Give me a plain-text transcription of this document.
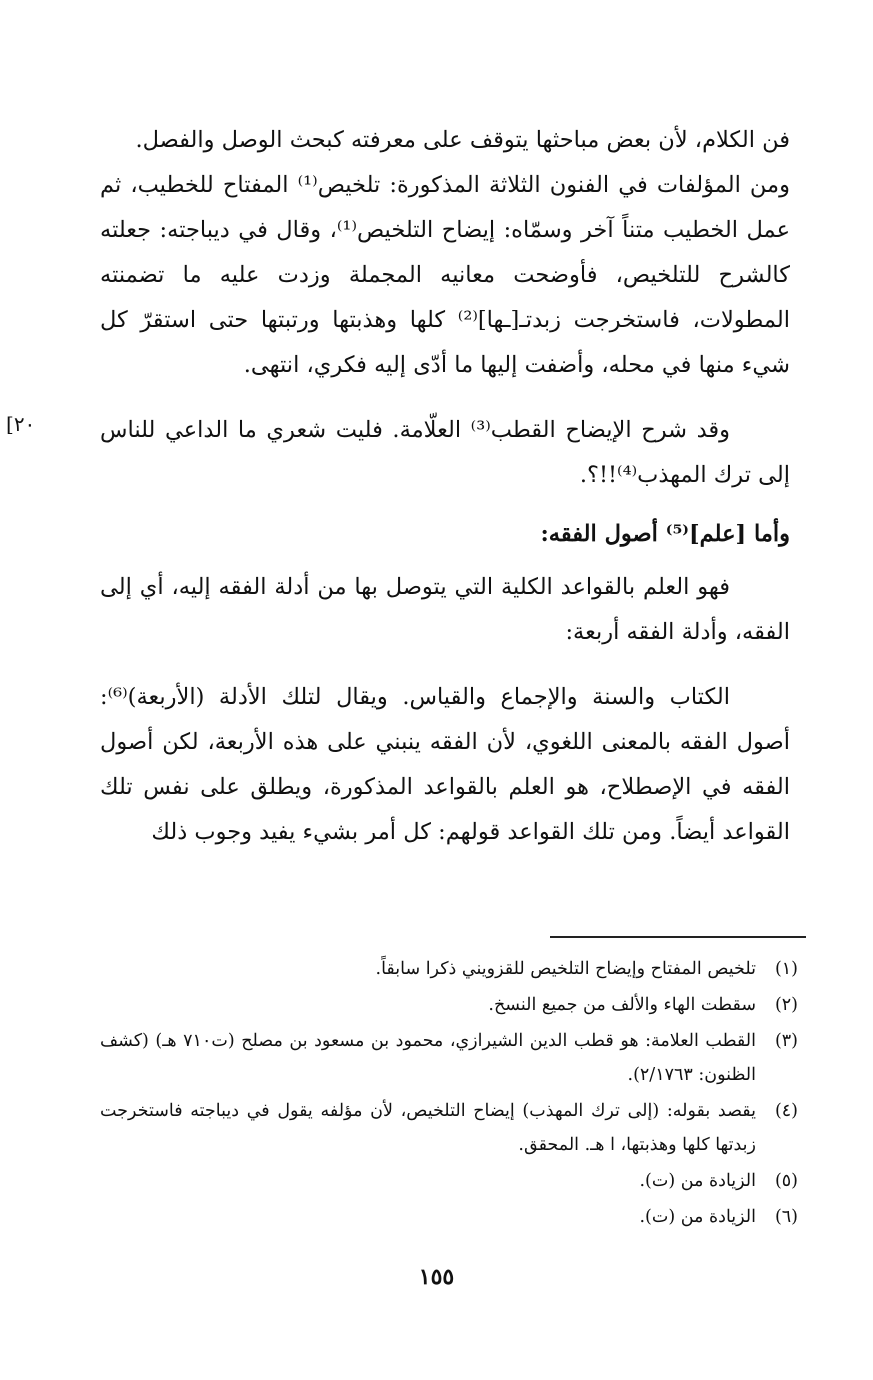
فن الكلام، لأن بعض مباحثها يتوقف على معرفته كبحث الوصل والفصل.

ومن المؤلفات في الفنون الثلاثة المذكورة: تلخيص⁽¹⁾ المفتاح للخطيب، ثم عمل الخطيب متناً آخر وسمّاه: إيضاح التلخيص⁽¹⁾، وقال في ديباجته: جعلته كالشرح للتلخيص، فأوضحت معانيه المجملة وزدت عليه ما تضمنته المطولات، فاستخرجت زبدتـ[ـها]⁽²⁾ كلها وهذبتها ورتبتها حتى استقرّ كل شيء منها في محله، وأضفت إليها ما أدّى إليه فكري، انتهى.

وقد شرح الإيضاح القطب⁽³⁾ العلّامة. فليت شعري ما الداعي للناس إلى ترك المهذب⁽⁴⁾!!؟.

وأما [علم]⁽⁵⁾ أصول الفقه:

فهو العلم بالقواعد الكلية التي يتوصل بها من أدلة الفقه إليه، أي إلى الفقه، وأدلة الفقه أربعة:

الكتاب والسنة والإجماع والقياس. ويقال لتلك الأدلة (الأربعة)⁽⁶⁾: أصول الفقه بالمعنى اللغوي، لأن الفقه ينبني على هذه الأربعة، لكن أصول الفقه في الإصطلاح، هو العلم بالقواعد المذكورة، ويطلق على نفس تلك القواعد أيضاً. ومن تلك القواعد قولهم: كل أمر بشيء يفيد وجوب ذلك

٢٠]
(١)
تلخيص المفتاح وإيضاح التلخيص للقزويني ذكرا سابقاً.
(٢)
سقطت الهاء والألف من جميع النسخ.
(٣)
القطب العلامة: هو قطب الدين الشيرازي، محمود بن مسعود بن مصلح (ت٧١٠ هـ) (كشف الظنون: ٢/١٧٦٣).
(٤)
يقصد بقوله: (إلى ترك المهذب) إيضاح التلخيص، لأن مؤلفه يقول في ديباجته فاستخرجت زبدتها كلها وهذبتها، ا هـ. المحقق.
(٥)
الزيادة من (ت).
(٦)
الزيادة من (ت).
١٥٥
